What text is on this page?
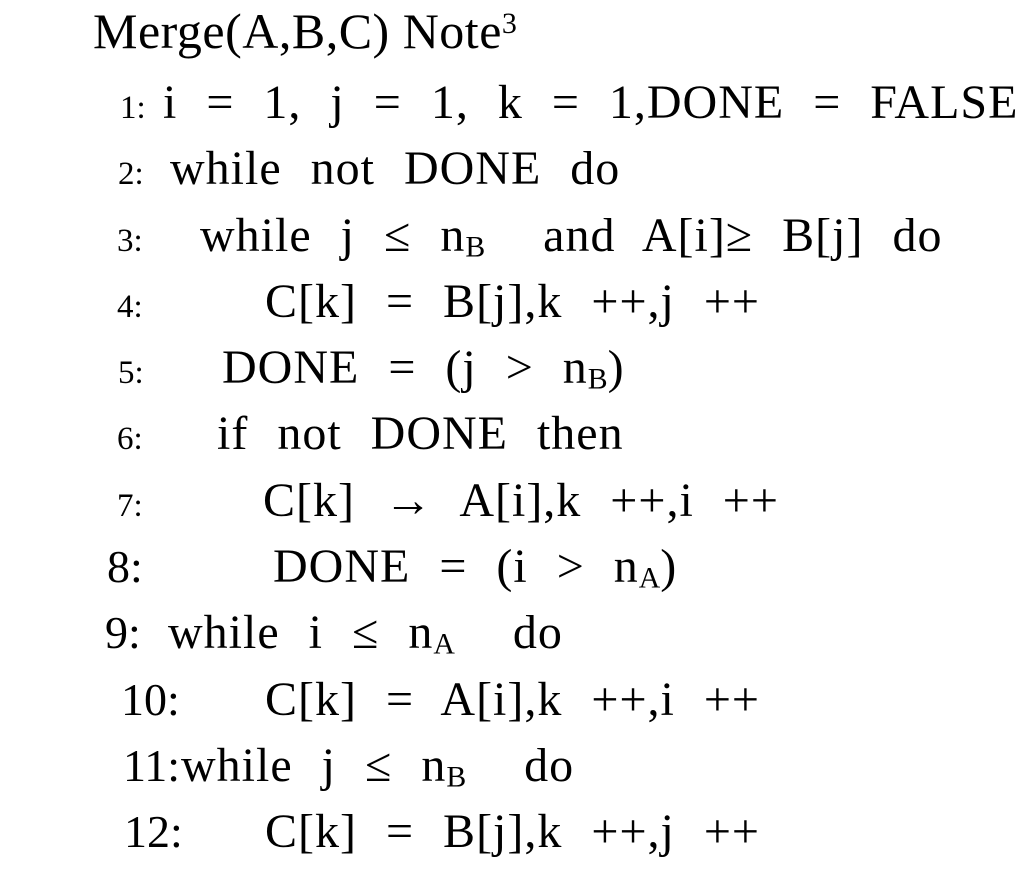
Merge(A,B,C) Note$^3$
1: i = 1, j = 1, k = 1,DONE = FALSE
2: while not DONE do
3: while j ≤ nB  and A[i]≥ B[j] do
4:	C[k] = B[j],k ++,j ++
5: DONE = (j > nB)
6: if not DONE then
7:	C[k] → A[i],k ++,i ++
8:	DONE = (i > nA)
9: while i ≤ nA  do
10: C[k] = A[i],k ++,i ++
11:while j ≤ nB  do
12: C[k] = B[j],k ++,j ++
